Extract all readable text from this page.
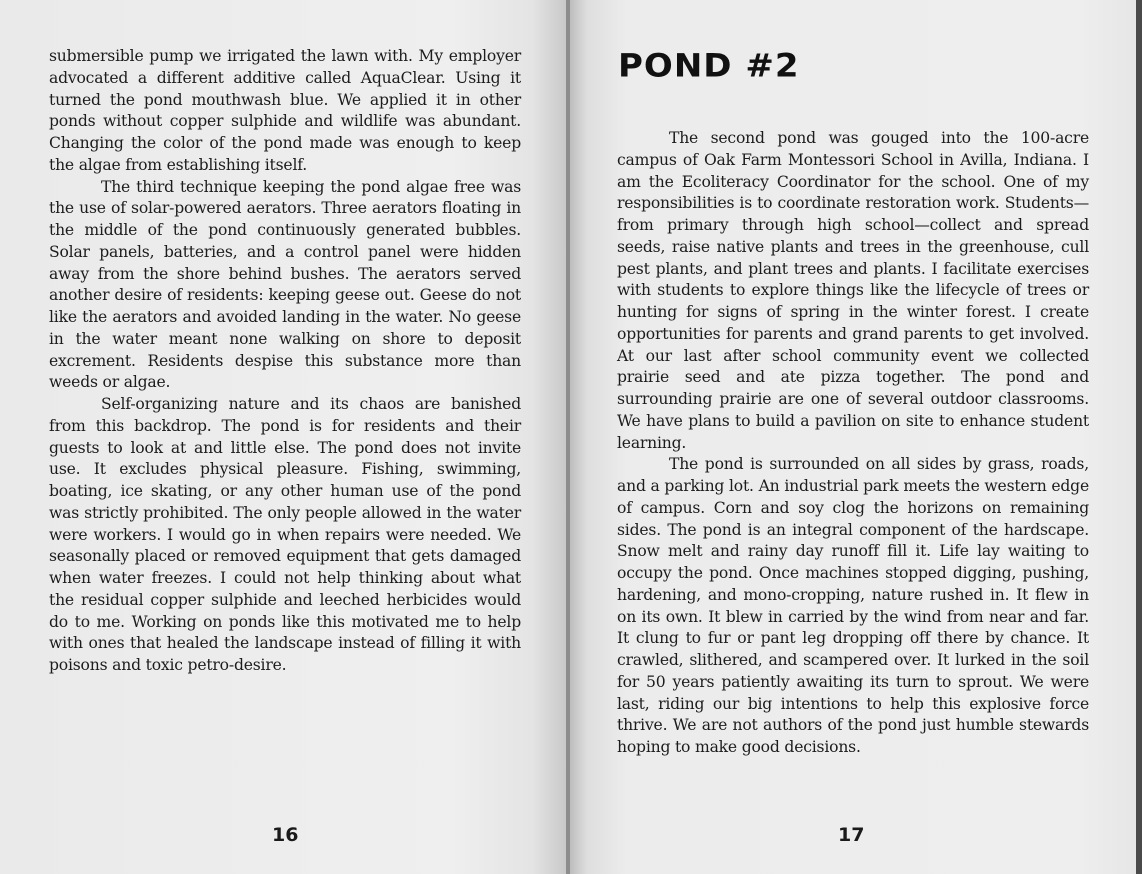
submersible pump we irrigated the lawn with. My employer advocated a different additive called AquaClear. Using it turned the pond mouthwash blue. We applied it in other ponds without copper sulphide and wildlife was abundant. Changing the color of the pond made was enough to keep the algae from establishing itself.

The third technique keeping the pond algae free was the use of solar-powered aerators. Three aerators floating in the middle of the pond continuously generated bubbles. Solar panels, batteries, and a control panel were hidden away from the shore behind bushes. The aerators served another desire of residents: keeping geese out. Geese do not like the aerators and avoided landing in the water. No geese in the water meant none walking on shore to deposit excrement. Residents despise this substance more than weeds or algae.

Self-organizing nature and its chaos are banished from this backdrop. The pond is for residents and their guests to look at and little else. The pond does not invite use. It excludes physical pleasure. Fishing, swimming, boating, ice skating, or any other human use of the pond was strictly prohibited. The only people allowed in the water were workers. I would go in when repairs were needed. We seasonally placed or removed equipment that gets damaged when water freezes. I could not help thinking about what the residual copper sulphide and leeched herbicides would do to me. Working on ponds like this motivated me to help with ones that healed the landscape instead of filling it with poisons and toxic petro-desire.

16
POND #2

The second pond was gouged into the 100-acre campus of Oak Farm Montessori School in Avilla, Indiana. I am the Ecoliteracy Coordinator for the school. One of my responsibilities is to coordinate restoration work. Students—from primary through high school—collect and spread seeds, raise native plants and trees in the greenhouse, cull pest plants, and plant trees and plants. I facilitate exercises with students to explore things like the lifecycle of trees or hunting for signs of spring in the winter forest. I create opportunities for parents and grand parents to get involved. At our last after school community event we collected prairie seed and ate pizza together. The pond and surrounding prairie are one of several outdoor classrooms. We have plans to build a pavilion on site to enhance student learning.

The pond is surrounded on all sides by grass, roads, and a parking lot. An industrial park meets the western edge of campus. Corn and soy clog the horizons on remaining sides. The pond is an integral component of the hardscape. Snow melt and rainy day runoff fill it. Life lay waiting to occupy the pond. Once machines stopped digging, pushing, hardening, and mono-cropping, nature rushed in. It flew in on its own. It blew in carried by the wind from near and far. It clung to fur or pant leg dropping off there by chance. It crawled, slithered, and scampered over. It lurked in the soil for 50 years patiently awaiting its turn to sprout. We were last, riding our big intentions to help this explosive force thrive. We are not authors of the pond just humble stewards hoping to make good decisions.

17
